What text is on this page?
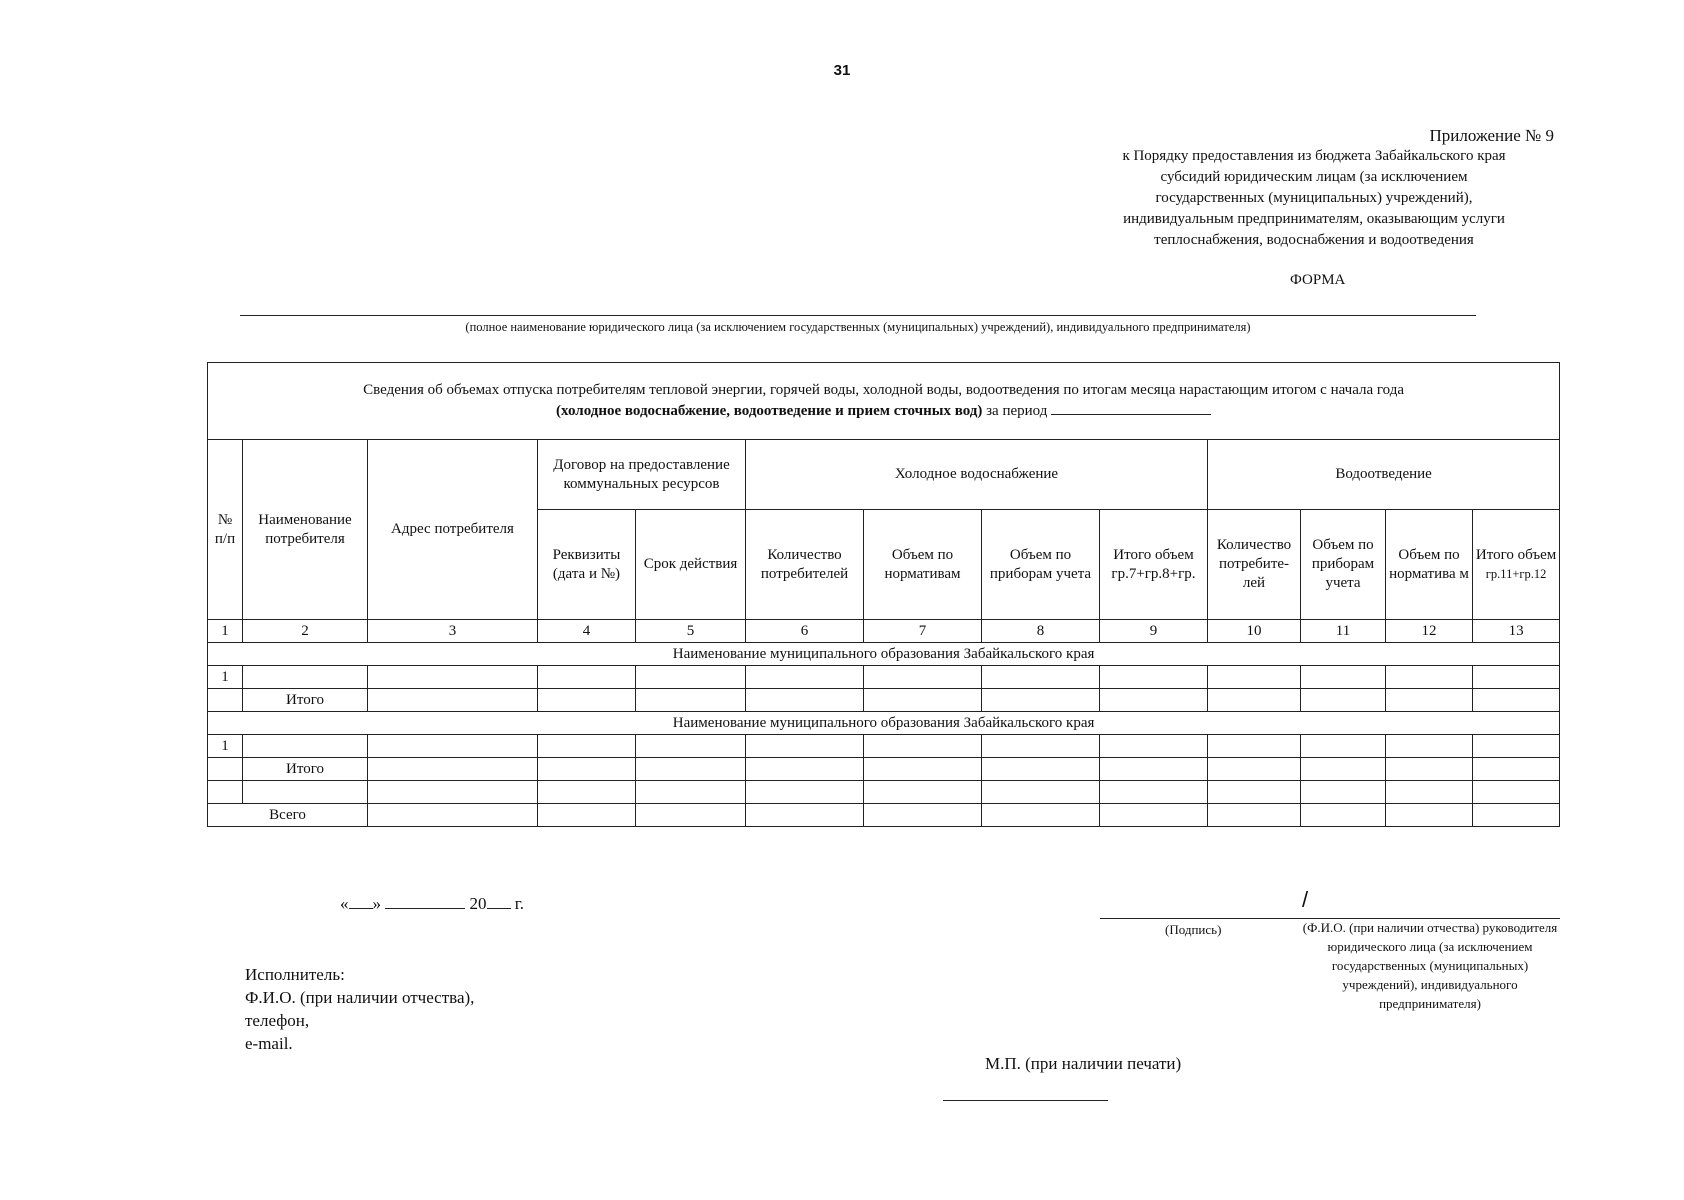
31
Приложение № 9
к Порядку предоставления из бюджета Забайкальского края
субсидий юридическим лицам (за исключением
государственных (муниципальных) учреждений),
индивидуальным предпринимателям, оказывающим услуги
теплоснабжения, водоснабжения и водоотведения
ФОРМА
(полное наименование юридического лица (за исключением государственных (муниципальных) учреждений), индивидуального предпринимателя)
Сведения об объемах отпуска потребителям тепловой энергии, горячей воды, холодной воды, водоотведения по итогам месяца нарастающим итогом с начала года
(холодное водоснабжение, водоотведение и прием сточных вод) за период												
№ п/п	Наименование потребителя	Адрес потребителя	Договор на предоставление коммунальных ресурсов		Холодное водоснабжение				Водоотведение			
			Реквизиты (дата и №)	Срок действия	Количество потребителей	Объем по нормативам	Объем по приборам учета	Итого объем гр.7+гр.8+гр.	Количество потребите-лей	Объем по приборам учета	Объем по норматива м	Итого объем
гр.11+гр.12
1	2	3	4	5	6	7	8	9	10	11	12	13
Наименование муниципального образования Забайкальского края												
1												
	Итого											
Наименование муниципального образования Забайкальского края												
1												
	Итого											

Всего												
« »	20 г.	/
(Подпись)	(Ф.И.О. (при наличии отчества) руководителя юридического лица (за исключением государственных (муниципальных) учреждений), индивидуального предпринимателя)
Исполнитель:
Ф.И.О. (при наличии отчества),
телефон,
e-mail.
М.П. (при наличии печати)
